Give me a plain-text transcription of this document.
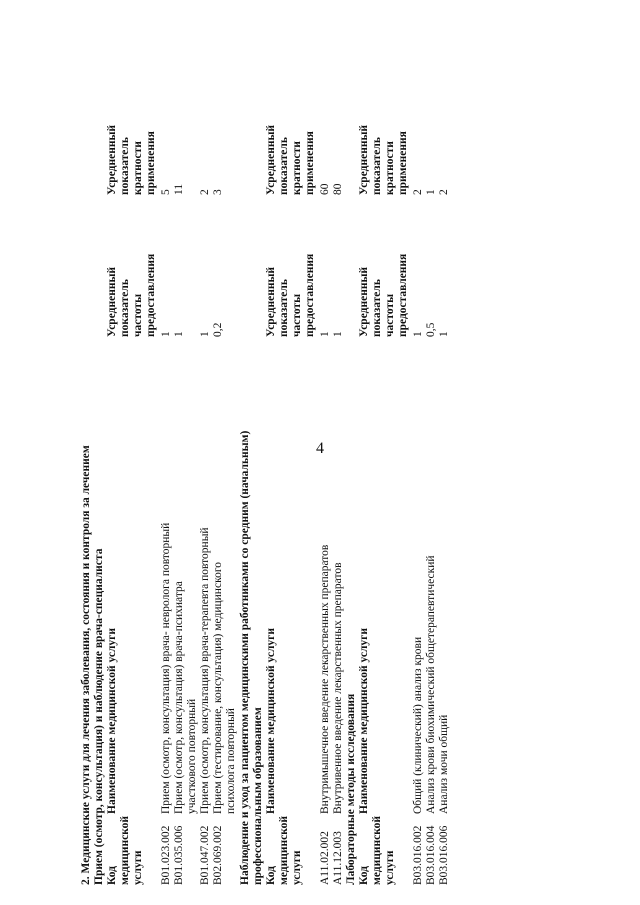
4
2. Медицинские услуги для лечения заболевания, состояния и контроля за лечением Прием (осмотр, консультация) и наблюдение врача-специалиста Код медицинской услуги
Наименование медицинской услуги
Усредненный показатель частоты предоставления
Усредненный показатель кратности применения
B01.023.002
Прием (осмотр, консультация) врача- невролога повторный
1
5
B01.035.006
Прием (осмотр, консультация) врача-психиатра участкового повторный
1
11
B01.047.002
Прием (осмотр, консультация) врача-терапевта повторный
1
2
B02.069.002
Прием (тестирование, консультация) медицинского психолога повторный
0,2
3
Наблюдение и уход за пациентом медицинскими работниками со средним (начальным) профессиональным образованием Код медицинской услуги
Наименование медицинской услуги
Усредненный показатель частоты предоставления
Усредненный показатель кратности применения
A11.02.002
Внутримышечное введение лекарственных препаратов
1
60
A11.12.003
Внутривенное введение лекарственных препаратов
1
80
Лабораторные методы исследования Код медицинской услуги
Наименование медицинской услуги
Усредненный показатель частоты предоставления
Усредненный показатель кратности применения
B03.016.002
Общий (клинический) анализ крови
1
2
B03.016.004
Анализ крови биохимический общетерапевтический
0,5
1
B03.016.006
Анализ мочи общий
1
2
